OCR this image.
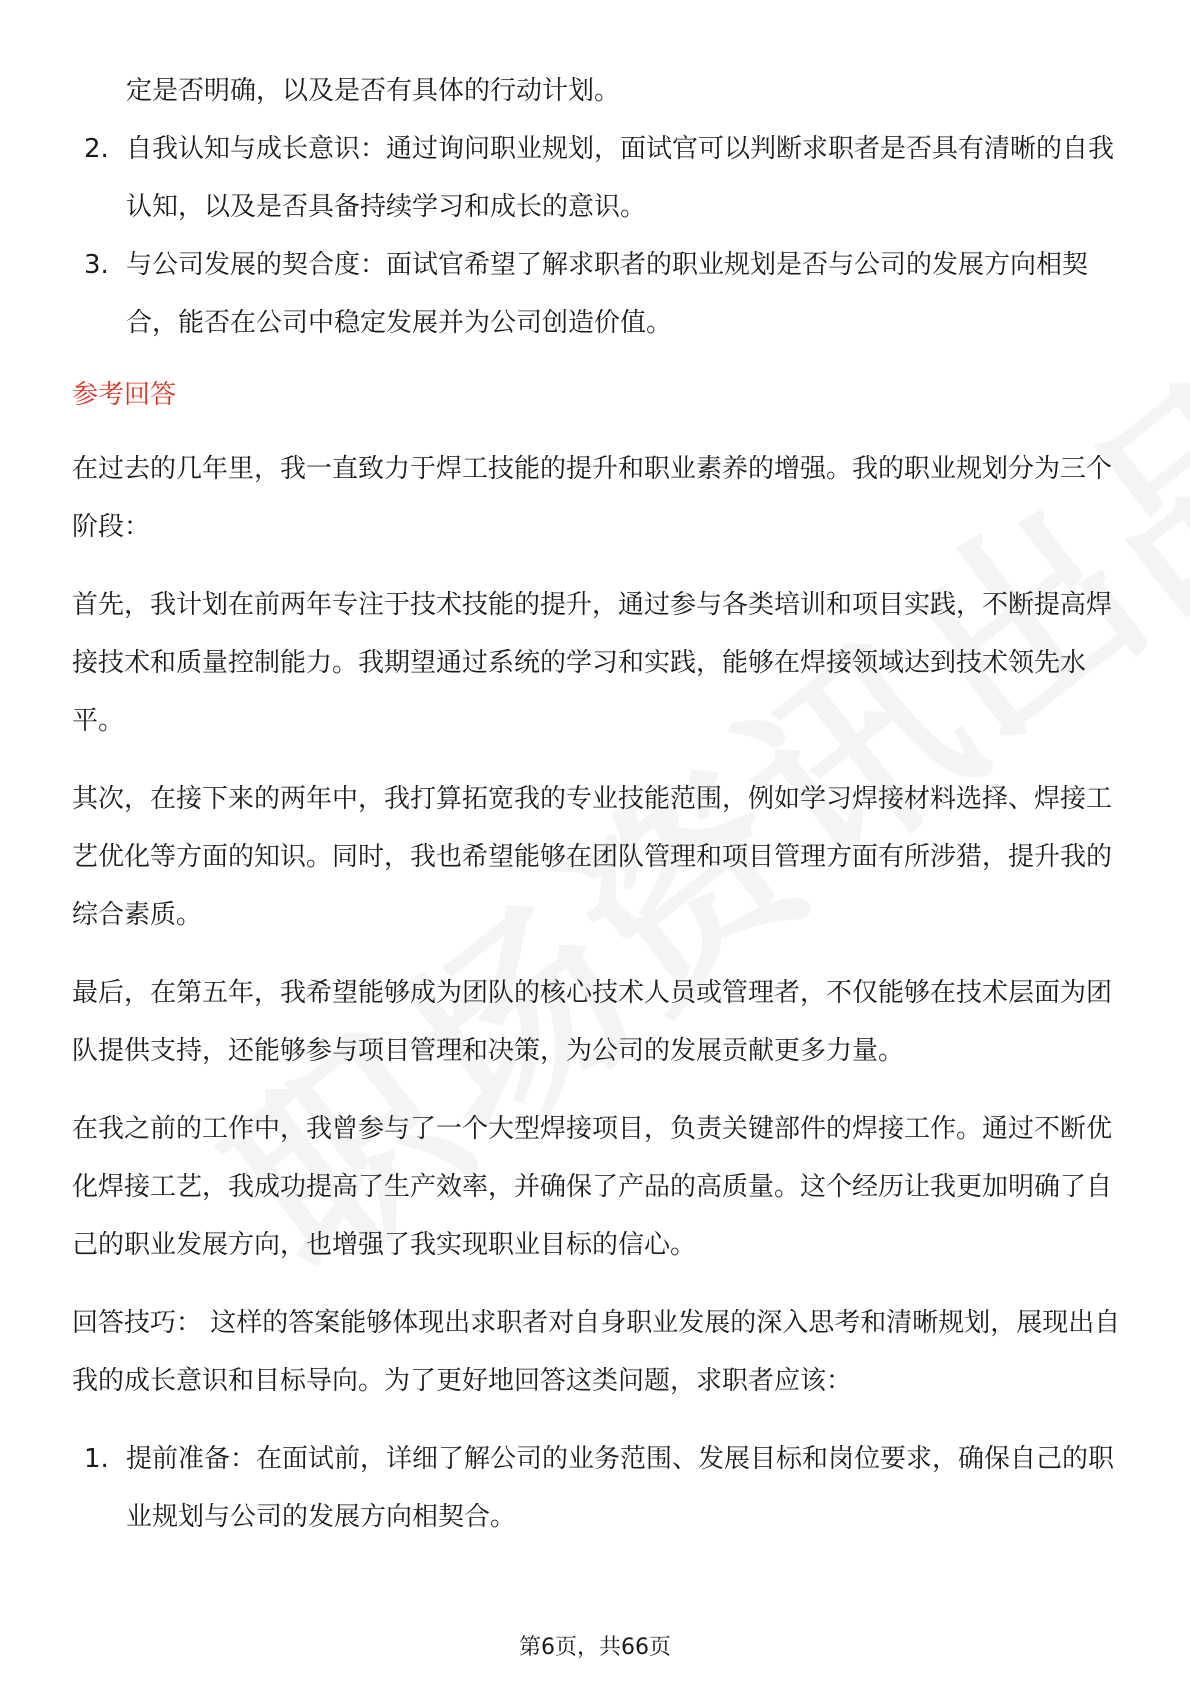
定是否明确，以及是否有具体的行动计划。
2. 自我认知与成长意识：通过询问职业规划，面试官可以判断求职者是否具有清晰的自我认知，以及是否具备持续学习和成长的意识。
3. 与公司发展的契合度：面试官希望了解求职者的职业规划是否与公司的发展方向相契合，能否在公司中稳定发展并为公司创造价值。
参考回答

在过去的几年里，我一直致力于焊工技能的提升和职业素养的增强。我的职业规划分为三个阶段：

首先，我计划在前两年专注于技术技能的提升，通过参与各类培训和项目实践，不断提高焊接技术和质量控制能力。我期望通过系统的学习和实践，能够在焊接领域达到技术领先水平。

其次，在接下来的两年中，我打算拓宽我的专业技能范围，例如学习焊接材料选择、焊接工艺优化等方面的知识。同时，我也希望能够在团队管理和项目管理方面有所涉猎，提升我的综合素质。

最后，在第五年，我希望能够成为团队的核心技术人员或管理者，不仅能够在技术层面为团队提供支持，还能够参与项目管理和决策，为公司的发展贡献更多力量。

在我之前的工作中，我曾参与了一个大型焊接项目，负责关键部件的焊接工作。通过不断优化焊接工艺，我成功提高了生产效率，并确保了产品的高质量。这个经历让我更加明确了自己的职业发展方向，也增强了我实现职业目标的信心。

回答技巧： 这样的答案能够体现出求职者对自身职业发展的深入思考和清晰规划，展现出自我的成长意识和目标导向。为了更好地回答这类问题，求职者应该：

1. 提前准备：在面试前，详细了解公司的业务范围、发展目标和岗位要求，确保自己的职业规划与公司的发展方向相契合。
第6页，共66页
